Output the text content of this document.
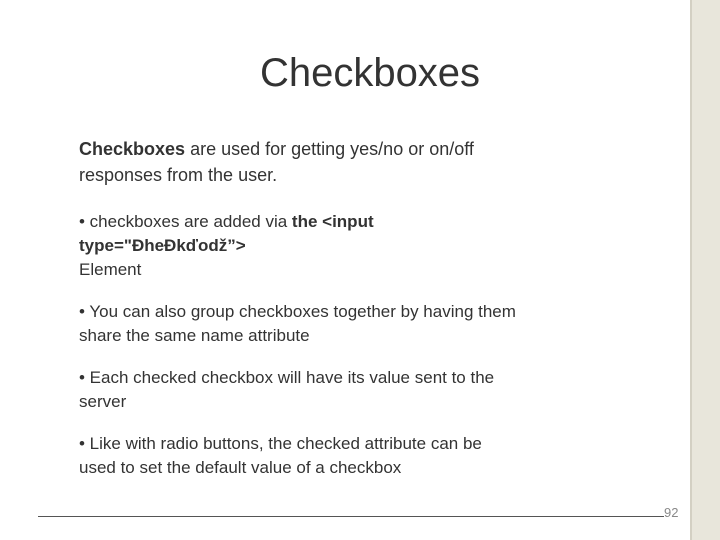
Checkboxes

Checkboxes are used for getting yes/no or on/off
responses from the user.

• checkboxes are added via the <input
type="ÐheÐkďodž”>
Element

• You can also group checkboxes together by having them
share the same name attribute

• Each checked checkbox will have its value sent to the
server

• Like with radio buttons, the checked attribute can be
used to set the default value of a checkbox

92
